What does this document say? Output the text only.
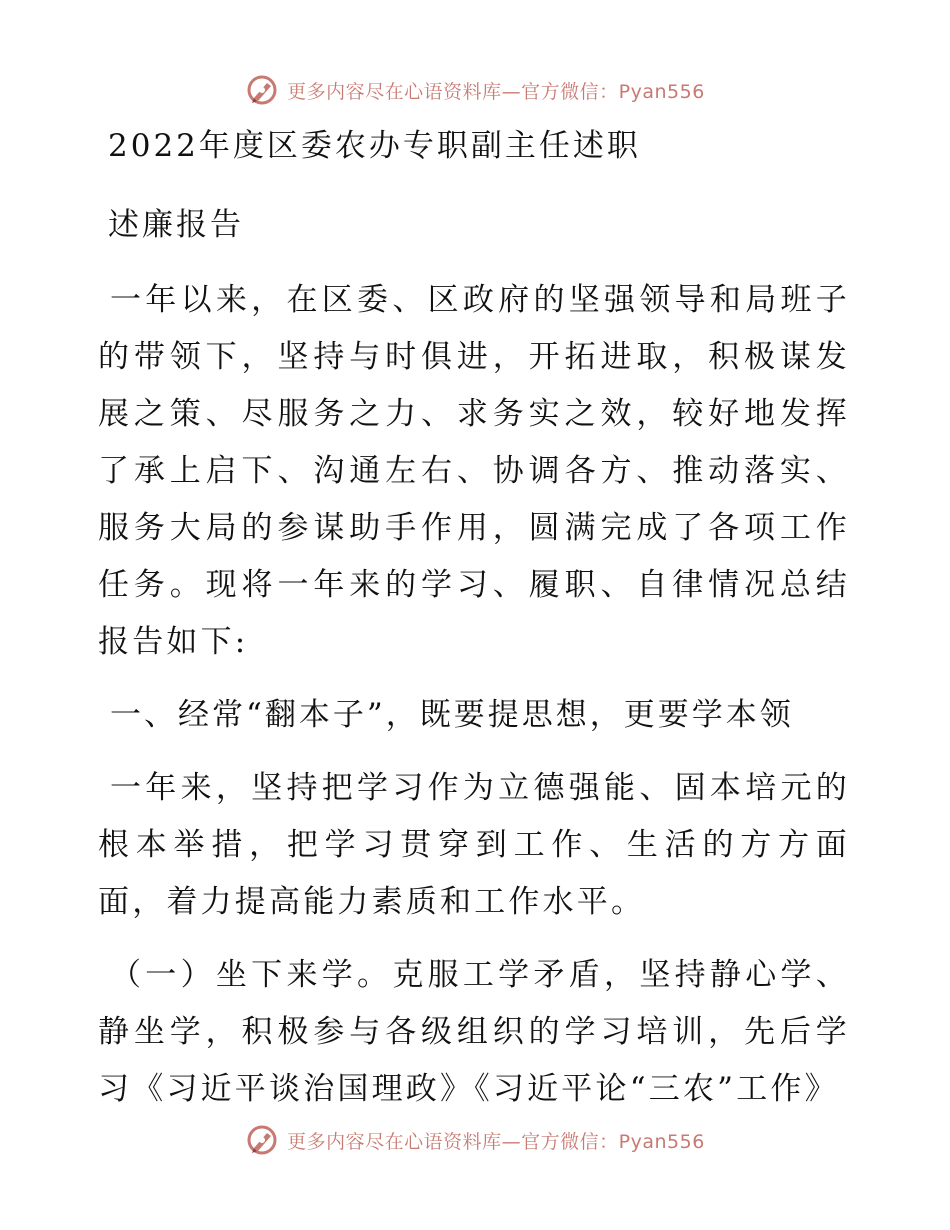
更多内容尽在心语资料库—官方微信：Pyan556
2022年度区委农办专职副主任述职
述廉报告

一年以来，在区委、区政府的坚强领导和局班子的带领下，坚持与时俱进，开拓进取，积极谋发展之策、尽服务之力、求务实之效，较好地发挥了承上启下、沟通左右、协调各方、推动落实、服务大局的参谋助手作用，圆满完成了各项工作任务。现将一年来的学习、履职、自律情况总结报告如下:

一、经常“翻本子”，既要提思想，更要学本领

一年来，坚持把学习作为立德强能、固本培元的根本举措，把学习贯穿到工作、生活的方方面面，着力提高能力素质和工作水平。

（一）坐下来学。克服工学矛盾，坚持静心学、静坐学，积极参与各级组织的学习培训，先后学习《习近平谈治国理政》《习近平论“三农”工作》

更多内容尽在心语资料库—官方微信：Pyan556
